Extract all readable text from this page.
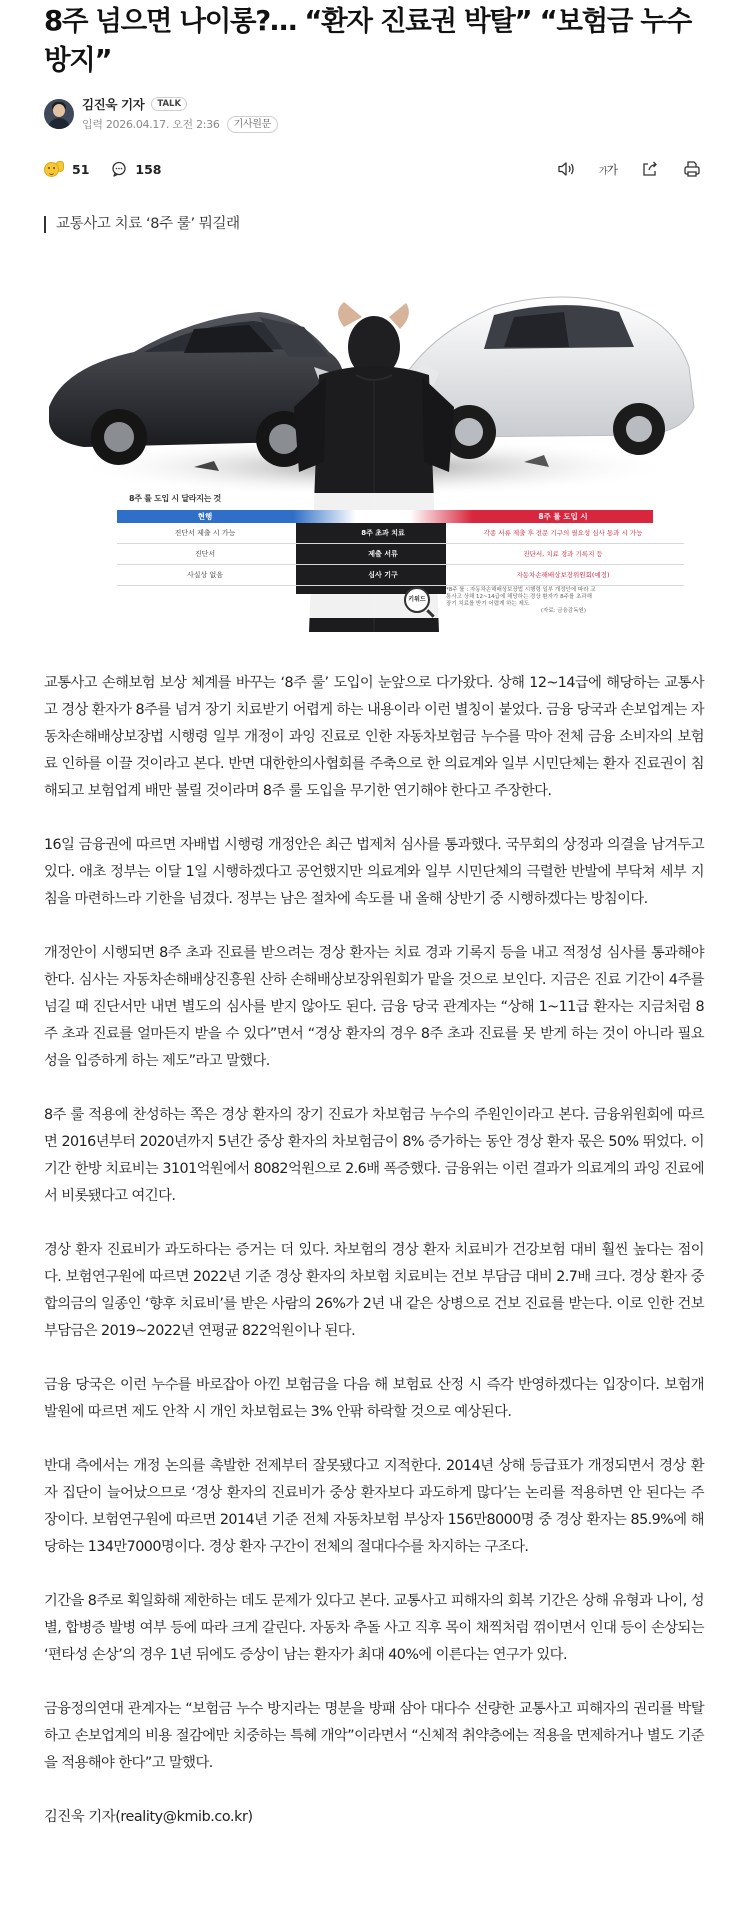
8주 넘으면 나이롱?… “환자 진료권 박탈” “보험금 누수
방지”
김진욱 기자	TALK
입력 2026.04.17. 오전 2:36	기사원문
51	158	가가
교통사고 치료 ‘8주 룰’ 뭐길래
8주 룰 도입 시 달라지는 것
현행	8주 룰 도입 시
진단서 제출 시 가능	8주 초과 치료	각종 서류 제출 후 전문 기구의 필요성 심사 통과 시 가능
진단서	제출 서류	진단서, 치료 경과 기록지 등
사실상 없음	심사 기구	자동차손해배상보장위원회(예정)
키워드
*8주 룰 : 자동차손해배상보장법 시행령 일부 개정안에 따라 교통사고 상해 12~14급에 해당하는 경상 환자가 8주를 초과해 장기 치료를 받기 어렵게 하는 제도
(자료: 금융감독원)

교통사고 손해보험 보상 체계를 바꾸는 ‘8주 룰’ 도입이 눈앞으로 다가왔다. 상해 12~14급에 해당하는 교통사고 경상 환자가 8주를 넘겨 장기 치료받기 어렵게 하는 내용이라 이런 별칭이 붙었다. 금융 당국과 손보업계는 자동차손해배상보장법 시행령 일부 개정이 과잉 진료로 인한 자동차보험금 누수를 막아 전체 금융 소비자의 보험료 인하를 이끌 것이라고 본다. 반면 대한한의사협회를 주축으로 한 의료계와 일부 시민단체는 환자 진료권이 침해되고 보험업계 배만 불릴 것이라며 8주 룰 도입을 무기한 연기해야 한다고 주장한다.

16일 금융권에 따르면 자배법 시행령 개정안은 최근 법제처 심사를 통과했다. 국무회의 상정과 의결을 남겨두고 있다. 애초 정부는 이달 1일 시행하겠다고 공언했지만 의료계와 일부 시민단체의 극렬한 반발에 부닥쳐 세부 지침을 마련하느라 기한을 넘겼다. 정부는 남은 절차에 속도를 내 올해 상반기 중 시행하겠다는 방침이다.

개정안이 시행되면 8주 초과 진료를 받으려는 경상 환자는 치료 경과 기록지 등을 내고 적정성 심사를 통과해야 한다. 심사는 자동차손해배상진흥원 산하 손해배상보장위원회가 맡을 것으로 보인다. 지금은 진료 기간이 4주를 넘길 때 진단서만 내면 별도의 심사를 받지 않아도 된다. 금융 당국 관계자는 “상해 1~11급 환자는 지금처럼 8주 초과 진료를 얼마든지 받을 수 있다”면서 “경상 환자의 경우 8주 초과 진료를 못 받게 하는 것이 아니라 필요성을 입증하게 하는 제도”라고 말했다.

8주 룰 적용에 찬성하는 쪽은 경상 환자의 장기 진료가 차보험금 누수의 주원인이라고 본다. 금융위원회에 따르면 2016년부터 2020년까지 5년간 중상 환자의 차보험금이 8% 증가하는 동안 경상 환자 몫은 50% 뛰었다. 이 기간 한방 치료비는 3101억원에서 8082억원으로 2.6배 폭증했다. 금융위는 이런 결과가 의료계의 과잉 진료에서 비롯됐다고 여긴다.

경상 환자 진료비가 과도하다는 증거는 더 있다. 차보험의 경상 환자 치료비가 건강보험 대비 훨씬 높다는 점이다. 보험연구원에 따르면 2022년 기준 경상 환자의 차보험 치료비는 건보 부담금 대비 2.7배 크다. 경상 환자 중 합의금의 일종인 ‘향후 치료비’를 받은 사람의 26%가 2년 내 같은 상병으로 건보 진료를 받는다. 이로 인한 건보 부담금은 2019~2022년 연평균 822억원이나 된다.

금융 당국은 이런 누수를 바로잡아 아낀 보험금을 다음 해 보험료 산정 시 즉각 반영하겠다는 입장이다. 보험개발원에 따르면 제도 안착 시 개인 차보험료는 3% 안팎 하락할 것으로 예상된다.

반대 측에서는 개정 논의를 촉발한 전제부터 잘못됐다고 지적한다. 2014년 상해 등급표가 개정되면서 경상 환자 집단이 늘어났으므로 ‘경상 환자의 진료비가 중상 환자보다 과도하게 많다’는 논리를 적용하면 안 된다는 주장이다. 보험연구원에 따르면 2014년 기준 전체 자동차보험 부상자 156만8000명 중 경상 환자는 85.9%에 해당하는 134만7000명이다. 경상 환자 구간이 전체의 절대다수를 차지하는 구조다.

기간을 8주로 획일화해 제한하는 데도 문제가 있다고 본다. 교통사고 피해자의 회복 기간은 상해 유형과 나이, 성별, 합병증 발병 여부 등에 따라 크게 갈린다. 자동차 추돌 사고 직후 목이 채찍처럼 꺾이면서 인대 등이 손상되는 ‘편타성 손상’의 경우 1년 뒤에도 증상이 남는 환자가 최대 40%에 이른다는 연구가 있다.

금융정의연대 관계자는 “보험금 누수 방지라는 명분을 방패 삼아 대다수 선량한 교통사고 피해자의 권리를 박탈하고 손보업계의 비용 절감에만 치중하는 특혜 개악”이라면서 “신체적 취약층에는 적용을 면제하거나 별도 기준을 적용해야 한다”고 말했다.

김진욱 기자(reality@kmib.co.kr)
